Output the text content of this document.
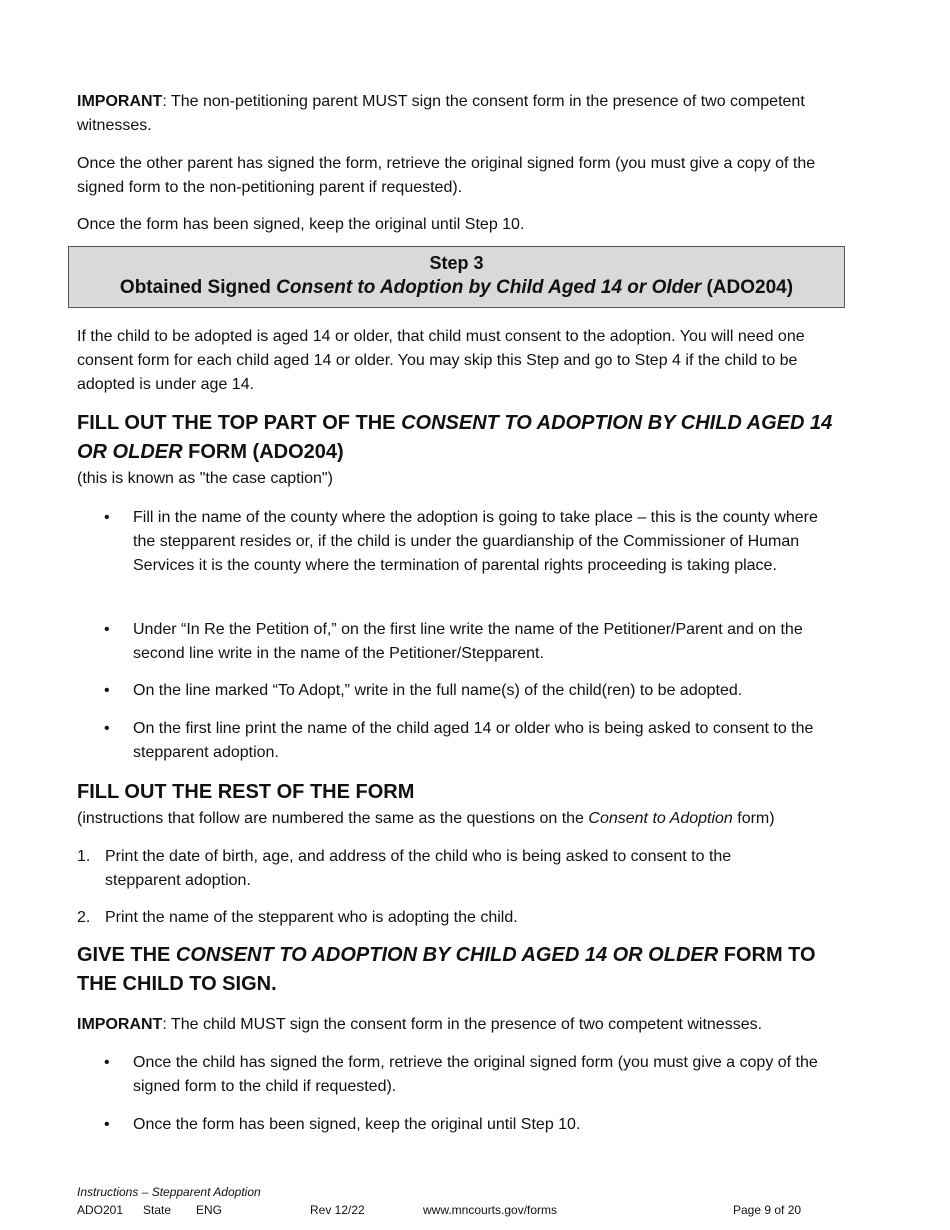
IMPORANT: The non-petitioning parent MUST sign the consent form in the presence of two competent witnesses.

Once the other parent has signed the form, retrieve the original signed form (you must give a copy of the signed form to the non-petitioning parent if requested).

Once the form has been signed, keep the original until Step 10.

Step 3
Obtained Signed Consent to Adoption by Child Aged 14 or Older (ADO204)

If the child to be adopted is aged 14 or older, that child must consent to the adoption. You will need one consent form for each child aged 14 or older. You may skip this Step and go to Step 4 if the child to be adopted is under age 14.

FILL OUT THE TOP PART OF THE CONSENT TO ADOPTION BY CHILD AGED 14 OR OLDER FORM (ADO204)

(this is known as "the case caption")

• Fill in the name of the county where the adoption is going to take place – this is the county where the stepparent resides or, if the child is under the guardianship of the Commissioner of Human Services it is the county where the termination of parental rights proceeding is taking place.
• Under “In Re the Petition of,” on the first line write the name of the Petitioner/Parent and on the second line write in the name of the Petitioner/Stepparent.
• On the line marked “To Adopt,” write in the full name(s) of the child(ren) to be adopted.
• On the first line print the name of the child aged 14 or older who is being asked to consent to the stepparent adoption.
FILL OUT THE REST OF THE FORM

(instructions that follow are numbered the same as the questions on the Consent to Adoption form)

1. Print the date of birth, age, and address of the child who is being asked to consent to the stepparent adoption.
2. Print the name of the stepparent who is adopting the child.
GIVE THE CONSENT TO ADOPTION BY CHILD AGED 14 OR OLDER FORM TO THE CHILD TO SIGN.

IMPORANT: The child MUST sign the consent form in the presence of two competent witnesses.

• Once the child has signed the form, retrieve the original signed form (you must give a copy of the signed form to the child if requested).
• Once the form has been signed, keep the original until Step 10.
Instructions – Stepparent Adoption
ADO201 State ENG	Rev 12/22	www.mncourts.gov/forms	Page 9 of 20
